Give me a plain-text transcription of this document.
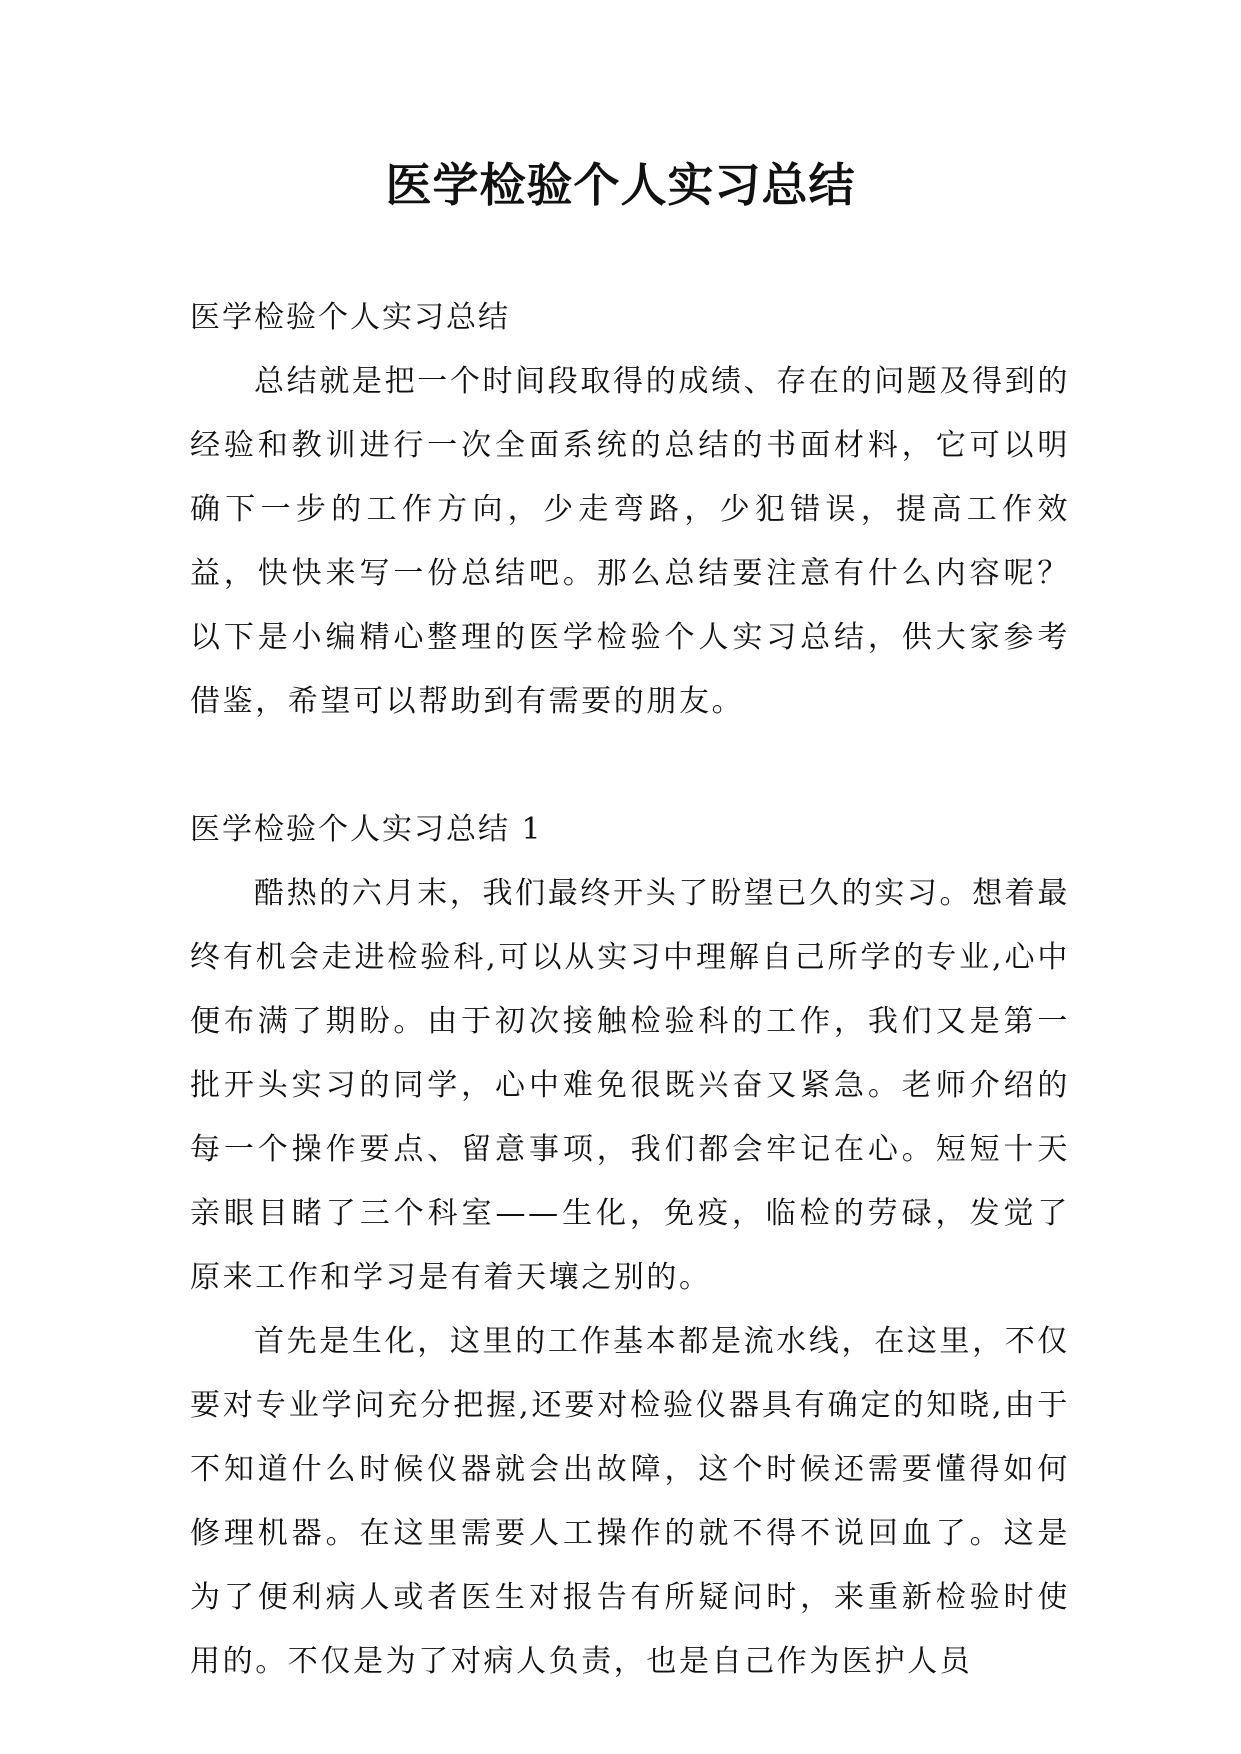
医学检验个人实习总结

医学检验个人实习总结

总结就是把一个时间段取得的成绩、存在的问题及得到的经验和教训进行一次全面系统的总结的书面材料，它可以明确下一步的工作方向，少走弯路，少犯错误，提高工作效益，快快来写一份总结吧。那么总结要注意有什么内容呢？以下是小编精心整理的医学检验个人实习总结，供大家参考借鉴，希望可以帮助到有需要的朋友。

医学检验个人实习总结 1

酷热的六月末，我们最终开头了盼望已久的实习。想着最终有机会走进检验科,可以从实习中理解自己所学的专业,心中便布满了期盼。由于初次接触检验科的工作，我们又是第一批开头实习的同学，心中难免很既兴奋又紧急。老师介绍的每一个操作要点、留意事项，我们都会牢记在心。短短十天亲眼目睹了三个科室——生化，免疫，临检的劳碌，发觉了原来工作和学习是有着天壤之别的。

首先是生化，这里的工作基本都是流水线，在这里，不仅要对专业学问充分把握,还要对检验仪器具有确定的知晓,由于不知道什么时候仪器就会出故障，这个时候还需要懂得如何修理机器。在这里需要人工操作的就不得不说回血了。这是为了便利病人或者医生对报告有所疑问时，来重新检验时使用的。不仅是为了对病人负责，也是自己作为医护人员
